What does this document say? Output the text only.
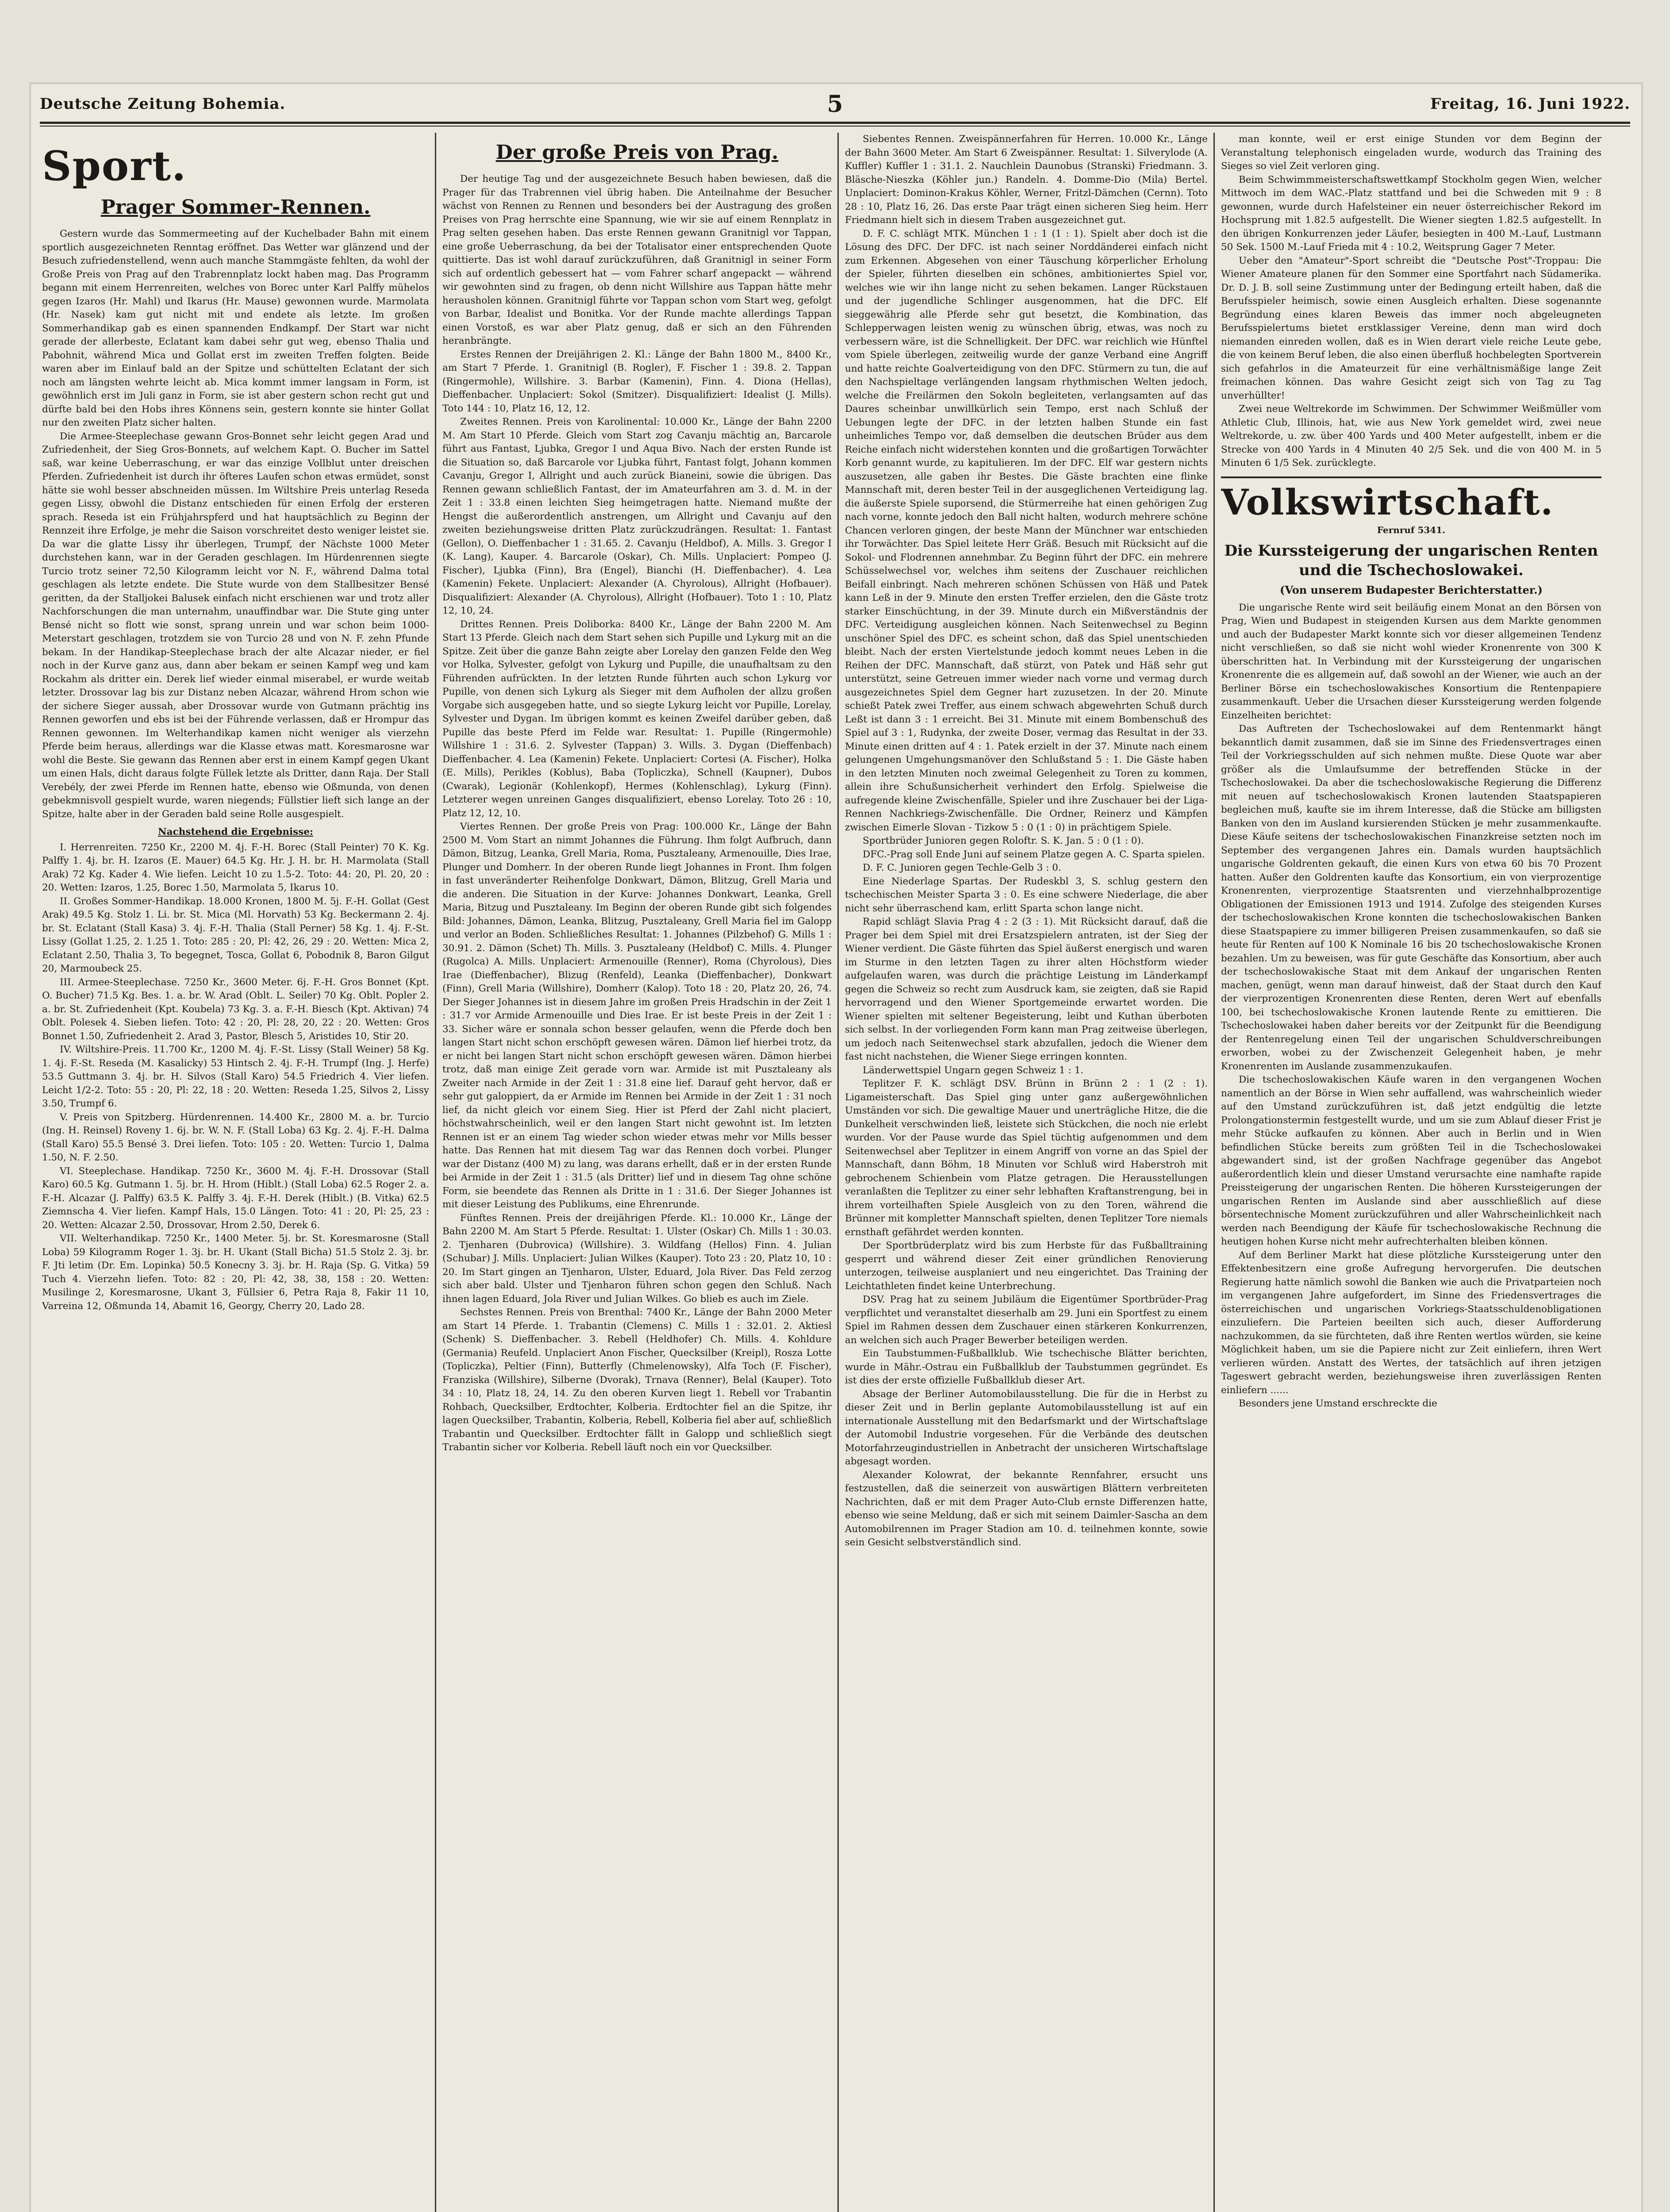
Deutsche Zeitung Bohemia.	5	Freitag, 16. Juni 1922.
Sport.
Prager Sommer-Rennen.

Gestern wurde das Sommermeeting auf der Kuchelbader Bahn mit einem sportlich ausgezeichneten Renntag eröffnet. Das Wetter war glänzend und der Besuch zufriedenstellend, wenn auch manche Stammgäste fehlten, da wohl der Große Preis von Prag auf den Trabrennplatz lockt haben mag. Das Programm begann mit einem Herrenreiten, welches von Borec unter Karl Palffy mühelos gegen Izaros (Hr. Mahl) und Ikarus (Hr. Mause) gewonnen wurde. Marmolata (Hr. Nasek) kam gut nicht mit und endete als letzte. Im großen Sommerhandikap gab es einen spannenden Endkampf. Der Start war nicht gerade der allerbeste, Eclatant kam dabei sehr gut weg, ebenso Thalia und Pabohnit, während Mica und Gollat erst im zweiten Treffen folgten. Beide waren aber im Einlauf bald an der Spitze und schüttelten Eclatant der sich noch am längsten wehrte leicht ab. Mica kommt immer langsam in Form, ist gewöhnlich erst im Juli ganz in Form, sie ist aber gestern schon recht gut und dürfte bald bei den Hobs ihres Könnens sein, gestern konnte sie hinter Gollat nur den zweiten Platz sicher halten.

Die Armee-Steeplechase gewann Gros-Bonnet sehr leicht gegen Arad und Zufriedenheit, der Sieg Gros-Bonnets, auf welchem Kapt. O. Bucher im Sattel saß, war keine Ueberraschung, er war das einzige Vollblut unter dreischen Pferden. Zufriedenheit ist durch ihr öfteres Laufen schon etwas ermüdet, sonst hätte sie wohl besser abschneiden müssen. Im Wiltshire Preis unterlag Reseda gegen Lissy, obwohl die Distanz entschieden für einen Erfolg der ersteren sprach. Reseda ist ein Frühjahrspferd und hat hauptsächlich zu Beginn der Rennzeit ihre Erfolge, je mehr die Saison vorschreitet desto weniger leistet sie. Da war die glatte Lissy ihr überlegen, Trumpf, der Nächste 1000 Meter durchstehen kann, war in der Geraden geschlagen. Im Hürdenrennen siegte Turcio trotz seiner 72,50 Kilogramm leicht vor N. F., während Dalma total geschlagen als letzte endete. Die Stute wurde von dem Stallbesitzer Bensé geritten, da der Stalljokei Balusek einfach nicht erschienen war und trotz aller Nachforschungen die man unternahm, unauffindbar war. Die Stute ging unter Bensé nicht so flott wie sonst, sprang unrein und war schon beim 1000-Meterstart geschlagen, trotzdem sie von Turcio 28 und von N. F. zehn Pfunde bekam. In der Handikap-Steeplechase brach der alte Alcazar nieder, er fiel noch in der Kurve ganz aus, dann aber bekam er seinen Kampf weg und kam Rockahm als dritter ein. Derek lief wieder einmal miserabel, er wurde weitab letzter. Drossovar lag bis zur Distanz neben Alcazar, während Hrom schon wie der sichere Sieger aussah, aber Drossovar wurde von Gutmann prächtig ins Rennen geworfen und ebs ist bei der Führende verlassen, daß er Hrompur das Rennen gewonnen. Im Welterhandikap kamen nicht weniger als vierzehn Pferde beim heraus, allerdings war die Klasse etwas matt. Koresmarosne war wohl die Beste. Sie gewann das Rennen aber erst in einem Kampf gegen Ukant um einen Hals, dicht daraus folgte Füllek letzte als Dritter, dann Raja. Der Stall Verebély, der zwei Pferde im Rennen hatte, ebenso wie Oßmunda, von denen gebekmnisvoll gespielt wurde, waren niegends; Füllstier lieft sich lange an der Spitze, halte aber in der Geraden bald seine Rolle ausgespielt.

Nachstehend die Ergebnisse:

I. Herrenreiten. 7250 Kr., 2200 M. 4j. F.-H. Borec (Stall Peinter) 70 K. Kg. Palffy 1. 4j. br. H. Izaros (E. Mauer) 64.5 Kg. Hr. J. H. br. H. Marmolata (Stall Arak) 72 Kg. Kader 4. Wie liefen. Leicht 10 zu 1.5-2. Toto: 44: 20, Pl. 20, 20 : 20. Wetten: Izaros, 1.25, Borec 1.50, Marmolata 5, Ikarus 10.

II. Großes Sommer-Handikap. 18.000 Kronen, 1800 M. 5j. F.-H. Gollat (Gest Arak) 49.5 Kg. Stolz 1. Li. br. St. Mica (Ml. Horvath) 53 Kg. Beckermann 2. 4j. br. St. Eclatant (Stall Kasa) 3. 4j. F.-H. Thalia (Stall Perner) 58 Kg. 1. 4j. F.-St. Lissy (Gollat 1.25, 2. 1.25 1. Toto: 285 : 20, Pl: 42, 26, 29 : 20. Wetten: Mica 2, Eclatant 2.50, Thalia 3, To begegnet, Tosca, Gollat 6, Pobodnik 8, Baron Gilgut 20, Marmoubeck 25.

III. Armee-Steeplechase. 7250 Kr., 3600 Meter. 6j. F.-H. Gros Bonnet (Kpt. O. Bucher) 71.5 Kg. Bes. 1. a. br. W. Arad (Oblt. L. Seiler) 70 Kg. Oblt. Popler 2. a. br. St. Zufriedenheit (Kpt. Koubela) 73 Kg. 3. a. F.-H. Biesch (Kpt. Aktivan) 74 Oblt. Polesek 4. Sieben liefen. Toto: 42 : 20, Pl: 28, 20, 22 : 20. Wetten: Gros Bonnet 1.50, Zufriedenheit 2. Arad 3, Pastor, Blesch 5, Aristides 10, Stir 20.

IV. Wiltshire-Preis. 11.700 Kr., 1200 M. 4j. F.-St. Lissy (Stall Weiner) 58 Kg. 1. 4j. F.-St. Reseda (M. Kasalicky) 53 Hintsch 2. 4j. F.-H. Trumpf (Ing. J. Herfe) 53.5 Guttmann 3. 4j. br. H. Silvos (Stall Karo) 54.5 Friedrich 4. Vier liefen. Leicht 1/2-2. Toto: 55 : 20, Pl: 22, 18 : 20. Wetten: Reseda 1.25, Silvos 2, Lissy 3.50, Trumpf 6.

V. Preis von Spitzberg. Hürdenrennen. 14.400 Kr., 2800 M. a. br. Turcio (Ing. H. Reinsel) Roveny 1. 6j. br. W. N. F. (Stall Loba) 63 Kg. 2. 4j. F.-H. Dalma (Stall Karo) 55.5 Bensé 3. Drei liefen. Toto: 105 : 20. Wetten: Turcio 1, Dalma 1.50, N. F. 2.50.

VI. Steeplechase. Handikap. 7250 Kr., 3600 M. 4j. F.-H. Drossovar (Stall Karo) 60.5 Kg. Gutmann 1. 5j. br. H. Hrom (Hiblt.) (Stall Loba) 62.5 Roger 2. a. F.-H. Alcazar (J. Palffy) 63.5 K. Palffy 3. 4j. F.-H. Derek (Hiblt.) (B. Vitka) 62.5 Ziemnscha 4. Vier liefen. Kampf Hals, 15.0 Längen. Toto: 41 : 20, Pl: 25, 23 : 20. Wetten: Alcazar 2.50, Drossovar, Hrom 2.50, Derek 6.

VII. Welterhandikap. 7250 Kr., 1400 Meter. 5j. br. St. Koresmarosne (Stall Loba) 59 Kilogramm Roger 1. 3j. br. H. Ukant (Stall Bicha) 51.5 Stolz 2. 3j. br. F. Jti letim (Dr. Em. Lopinka) 50.5 Konecny 3. 3j. br. H. Raja (Sp. G. Vitka) 59 Tuch 4. Vierzehn liefen. Toto: 82 : 20, Pl: 42, 38, 38, 158 : 20. Wetten: Musilinge 2, Koresmarosne, Ukant 3, Füllsier 6, Petra Raja 8, Fakir 11 10, Varreina 12, Oßmunda 14, Abamit 16, Georgy, Cherry 20, Lado 28.

Der große Preis von Prag.

Der heutige Tag und der ausgezeichnete Besuch haben bewiesen, daß die Prager für das Trabrennen viel übrig haben. Die Anteilnahme der Besucher wächst von Rennen zu Rennen und besonders bei der Austragung des großen Preises von Prag herrschte eine Spannung, wie wir sie auf einem Rennplatz in Prag selten gesehen haben. Das erste Rennen gewann Granitnigl vor Tappan, eine große Ueberraschung, da bei der Totalisator einer entsprechenden Quote quittierte. Das ist wohl darauf zurückzuführen, daß Granitnigl in seiner Form sich auf ordentlich gebessert hat — vom Fahrer scharf angepackt — während wir gewohnten sind zu fragen, ob denn nicht Willshire aus Tappan hätte mehr herausholen können. Granitnigl führte vor Tappan schon vom Start weg, gefolgt von Barbar, Idealist und Bonitka. Vor der Runde machte allerdings Tappan einen Vorstoß, es war aber Platz genug, daß er sich an den Führenden heranbrängte.

Erstes Rennen der Dreijährigen 2. Kl.: Länge der Bahn 1800 M., 8400 Kr., am Start 7 Pferde. 1. Granitnigl (B. Rogler), F. Fischer 1 : 39.8. 2. Tappan (Ringermohle), Willshire. 3. Barbar (Kamenin), Finn. 4. Diona (Hellas), Dieffenbacher. Unplaciert: Sokol (Smitzer). Disqualifiziert: Idealist (J. Mills). Toto 144 : 10, Platz 16, 12, 12.

Zweites Rennen. Preis von Karolinental: 10.000 Kr., Länge der Bahn 2200 M. Am Start 10 Pferde. Gleich vom Start zog Cavanju mächtig an, Barcarole führt aus Fantast, Ljubka, Gregor I und Aqua Bivo. Nach der ersten Runde ist die Situation so, daß Barcarole vor Ljubka führt, Fantast folgt, Johann kommen Cavanju, Gregor I, Allright und auch zurück Bianeini, sowie die übrigen. Das Rennen gewann schließlich Fantast, der im Amateurfahren am 3. d. M. in der Zeit 1 : 33.8 einen leichten Sieg heimgetragen hatte. Niemand mußte der Hengst die außerordentlich anstrengen, um Allright und Cavanju auf den zweiten beziehungsweise dritten Platz zurückzudrängen. Resultat: 1. Fantast (Gellon), O. Dieffenbacher 1 : 31.65. 2. Cavanju (Heldbof), A. Mills. 3. Gregor I (K. Lang), Kauper. 4. Barcarole (Oskar), Ch. Mills. Unplaciert: Pompeo (J. Fischer), Ljubka (Finn), Bra (Engel), Bianchi (H. Dieffenbacher). 4. Lea (Kamenin) Fekete. Unplaciert: Alexander (A. Chyrolous), Allright (Hofbauer). Disqualifiziert: Alexander (A. Chyrolous), Allright (Hofbauer). Toto 1 : 10, Platz 12, 10, 24.

Drittes Rennen. Preis Doliborka: 8400 Kr., Länge der Bahn 2200 M. Am Start 13 Pferde. Gleich nach dem Start sehen sich Pupille und Lykurg mit an die Spitze. Zeit über die ganze Bahn zeigte aber Lorelay den ganzen Felde den Weg vor Holka, Sylvester, gefolgt von Lykurg und Pupille, die unaufhaltsam zu den Führenden aufrückten. In der letzten Runde führten auch schon Lykurg vor Pupille, von denen sich Lykurg als Sieger mit dem Aufholen der allzu großen Vorgabe sich ausgegeben hatte, und so siegte Lykurg leicht vor Pupille, Lorelay, Sylvester und Dygan. Im übrigen kommt es keinen Zweifel darüber geben, daß Pupille das beste Pferd im Felde war. Resultat: 1. Pupille (Ringermohle) Willshire 1 : 31.6. 2. Sylvester (Tappan) 3. Wills. 3. Dygan (Dieffenbach) Dieffenbacher. 4. Lea (Kamenin) Fekete. Unplaciert: Cortesi (A. Fischer), Holka (E. Mills), Perikles (Koblus), Baba (Topliczka), Schnell (Kaupner), Dubos (Cwarak), Legionär (Kohlenkopf), Hermes (Kohlenschlag), Lykurg (Finn). Letzterer wegen unreinen Ganges disqualifiziert, ebenso Lorelay. Toto 26 : 10, Platz 12, 12, 10.

Viertes Rennen. Der große Preis von Prag: 100.000 Kr., Länge der Bahn 2500 M. Vom Start an nimmt Johannes die Führung. Ihm folgt Aufbruch, dann Dämon, Bitzug, Leanka, Grell Maria, Roma, Pusztaleany, Armenouille, Dies Irae, Plunger und Domherr. In der oberen Runde liegt Johannes in Front. Ihm folgen in fast unveränderter Reihenfolge Donkwart, Dämon, Blitzug, Grell Maria und die anderen. Die Situation in der Kurve: Johannes Donkwart, Leanka, Grell Maria, Bitzug und Pusztaleany. Im Beginn der oberen Runde gibt sich folgendes Bild: Johannes, Dämon, Leanka, Blitzug, Pusztaleany, Grell Maria fiel im Galopp und verlor an Boden. Schließliches Resultat: 1. Johannes (Pilzbehof) G. Mills 1 : 30.91. 2. Dämon (Schet) Th. Mills. 3. Pusztaleany (Heldbof) C. Mills. 4. Plunger (Rugolca) A. Mills. Unplaciert: Armenouille (Renner), Roma (Chyrolous), Dies Irae (Dieffenbacher), Blizug (Renfeld), Leanka (Dieffenbacher), Donkwart (Finn), Grell Maria (Willshire), Domherr (Kalop). Toto 18 : 20, Platz 20, 26, 74. Der Sieger Johannes ist in diesem Jahre im großen Preis Hradschin in der Zeit 1 : 31.7 vor Armide Armenouille und Dies Irae. Er ist beste Preis in der Zeit 1 : 33. Sicher wäre er sonnala schon besser gelaufen, wenn die Pferde doch ben langen Start nicht schon erschöpft gewesen wären. Dämon lief hierbei trotz, da er nicht bei langen Start nicht schon erschöpft gewesen wären. Dämon hierbei trotz, daß man einige Zeit gerade vorn war. Armide ist mit Pusztaleany als Zweiter nach Armide in der Zeit 1 : 31.8 eine lief. Darauf geht hervor, daß er sehr gut galoppiert, da er Armide im Rennen bei Armide in der Zeit 1 : 31 noch lief, da nicht gleich vor einem Sieg. Hier ist Pferd der Zahl nicht placiert, höchstwahrscheinlich, weil er den langen Start nicht gewohnt ist. Im letzten Rennen ist er an einem Tag wieder schon wieder etwas mehr vor Mills besser hatte. Das Rennen hat mit diesem Tag war das Rennen doch vorbei. Plunger war der Distanz (400 M) zu lang, was darans erhellt, daß er in der ersten Runde bei Armide in der Zeit 1 : 31.5 (als Dritter) lief und in diesem Tag ohne schöne Form, sie beendete das Rennen als Dritte in 1 : 31.6. Der Sieger Johannes ist mit dieser Leistung des Publikums, eine Ehrenrunde.

Fünftes Rennen. Preis der dreijährigen Pferde. Kl.: 10.000 Kr., Länge der Bahn 2200 M. Am Start 5 Pferde. Resultat: 1. Ulster (Oskar) Ch. Mills 1 : 30.03. 2. Tjenharen (Dubrovica) (Willshire). 3. Wildfang (Hellos) Finn. 4. Julian (Schubar) J. Mills. Unplaciert: Julian Wilkes (Kauper). Toto 23 : 20, Platz 10, 10 : 20. Im Start gingen an Tjenharon, Ulster, Eduard, Jola River. Das Feld zerzog sich aber bald. Ulster und Tjenharon führen schon gegen den Schluß. Nach ihnen lagen Eduard, Jola River und Julian Wilkes. Go blieb es auch im Ziele.

Sechstes Rennen. Preis von Brenthal: 7400 Kr., Länge der Bahn 2000 Meter am Start 14 Pferde. 1. Trabantin (Clemens) C. Mills 1 : 32.01. 2. Aktiesl (Schenk) S. Dieffenbacher. 3. Rebell (Heldhofer) Ch. Mills. 4. Kohldure (Germania) Reufeld. Unplaciert Anon Fischer, Quecksilber (Kreipl), Rosza Lotte (Topliczka), Peltier (Finn), Butterfly (Chmelenowsky), Alfa Toch (F. Fischer), Franziska (Willshire), Silberne (Dvorak), Trnava (Renner), Belal (Kauper). Toto 34 : 10, Platz 18, 24, 14. Zu den oberen Kurven liegt 1. Rebell vor Trabantin Rohbach, Quecksilber, Erdtochter, Kolberia. Erdtochter fiel an die Spitze, ihr lagen Quecksilber, Trabantin, Kolberia, Rebell, Kolberia fiel aber auf, schließlich Trabantin und Quecksilber. Erdtochter fällt in Galopp und schließlich siegt Trabantin sicher vor Kolberia. Rebell läuft noch ein vor Quecksilber.

Siebentes Rennen. Zweispännerfahren für Herren. 10.000 Kr., Länge der Bahn 3600 Meter. Am Start 6 Zweispänner. Resultat: 1. Silverylode (A. Kuffler) Kuffler 1 : 31.1. 2. Nauchlein Daunobus (Stranski) Friedmann. 3. Bläsche-Nieszka (Köhler jun.) Randeln. 4. Domme-Dio (Mila) Bertel. Unplaciert: Dominon-Krakus Köhler, Werner, Fritzl-Dämchen (Cernn). Toto 28 : 10, Platz 16, 26. Das erste Paar trägt einen sicheren Sieg heim. Herr Friedmann hielt sich in diesem Traben ausgezeichnet gut.

D. F. C. schlägt MTK. München 1 : 1 (1 : 1). Spielt aber doch ist die Lösung des DFC. Der DFC. ist nach seiner Norddänderei einfach nicht zum Erkennen. Abgesehen von einer Täuschung körperlicher Erholung der Spieler, führten dieselben ein schönes, ambitioniertes Spiel vor, welches wie wir ihn lange nicht zu sehen bekamen. Langer Rückstauen und der jugendliche Schlinger ausgenommen, hat die DFC. Elf sieggewährig alle Pferde sehr gut besetzt, die Kombination, das Schlepperwagen leisten wenig zu wünschen übrig, etwas, was noch zu verbessern wäre, ist die Schnelligkeit. Der DFC. war reichlich wie Hünftel vom Spiele überlegen, zeitweilig wurde der ganze Verband eine Angriff und hatte reichte Goalverteidigung von den DFC. Stürmern zu tun, die auf den Nachspieltage verlängenden langsam rhythmischen Welten jedoch, welche die Freilärmen den Sokoln begleiteten, verlangsamten auf das Daures scheinbar unwillkürlich sein Tempo, erst nach Schluß der Uebungen legte der DFC. in der letzten halben Stunde ein fast unheimliches Tempo vor, daß demselben die deutschen Brüder aus dem Reiche einfach nicht widerstehen konnten und die großartigen Torwächter Korb genannt wurde, zu kapitulieren. Im der DFC. Elf war gestern nichts auszusetzen, alle gaben ihr Bestes. Die Gäste brachten eine flinke Mannschaft mit, deren bester Teil in der ausgeglichenen Verteidigung lag. die äußerste Spiele suporsend, die Stürmerreihe hat einen gehörigen Zug nach vorne, konnte jedoch den Ball nicht halten, wodurch mehrere schöne Chancen verloren gingen, der beste Mann der Münchner war entschieden ihr Torwächter. Das Spiel leitete Herr Gräß. Besuch mit Rücksicht auf die Sokol- und Flodrennen annehmbar. Zu Beginn führt der DFC. ein mehrere Schüsselwechsel vor, welches ihm seitens der Zuschauer reichlichen Beifall einbringt. Nach mehreren schönen Schüssen von Häß und Patek kann Leß in der 9. Minute den ersten Treffer erzielen, den die Gäste trotz starker Einschüchtung, in der 39. Minute durch ein Mißverständnis der DFC. Verteidigung ausgleichen können. Nach Seitenwechsel zu Beginn unschöner Spiel des DFC. es scheint schon, daß das Spiel unentschieden bleibt. Nach der ersten Viertelstunde jedoch kommt neues Leben in die Reihen der DFC. Mannschaft, daß stürzt, von Patek und Häß sehr gut unterstützt, seine Getreuen immer wieder nach vorne und vermag durch ausgezeichnetes Spiel dem Gegner hart zuzusetzen. In der 20. Minute schießt Patek zwei Treffer, aus einem schwach abgewehrten Schuß durch Leßt ist dann 3 : 1 erreicht. Bei 31. Minute mit einem Bombenschuß des Spiel auf 3 : 1, Rudynka, der zweite Doser, vermag das Resultat in der 33. Minute einen dritten auf 4 : 1. Patek erzielt in der 37. Minute nach einem gelungenen Umgehungsmanöver den Schlußstand 5 : 1. Die Gäste haben in den letzten Minuten noch zweimal Gelegenheit zu Toren zu kommen, allein ihre Schußunsicherheit verhindert den Erfolg. Spielweise die aufregende kleine Zwischenfälle, Spieler und ihre Zuschauer bei der Liga-Rennen Nachkriegs-Zwischenfälle. Die Ordner, Reinerz und Kämpfen zwischen Eimerle Slovan - Tizkow 5 : 0 (1 : 0) in prächtigem Spiele.

Sportbrüder Junioren gegen Roloftr. S. K. Jan. 5 : 0 (1 : 0).

DFC.-Prag soll Ende Juni auf seinem Platze gegen A. C. Sparta spielen.

D. F. C. Junioren gegen Techle-Gelb 3 : 0.

Eine Niederlage Spartas. Der Rudeskbl 3, S. schlug gestern den tschechischen Meister Sparta 3 : 0. Es eine schwere Niederlage, die aber nicht sehr überraschend kam, erlitt Sparta schon lange nicht.

Rapid schlägt Slavia Prag 4 : 2 (3 : 1). Mit Rücksicht darauf, daß die Prager bei dem Spiel mit drei Ersatzspielern antraten, ist der Sieg der Wiener verdient. Die Gäste führten das Spiel äußerst energisch und waren im Sturme in den letzten Tagen zu ihrer alten Höchstform wieder aufgelaufen waren, was durch die prächtige Leistung im Länderkampf gegen die Schweiz so recht zum Ausdruck kam, sie zeigten, daß sie Rapid hervorragend und den Wiener Sportgemeinde erwartet worden. Die Wiener spielten mit seltener Begeisterung, leibt und Kuthan überboten sich selbst. In der vorliegenden Form kann man Prag zeitweise überlegen, um jedoch nach Seitenwechsel stark abzufallen, jedoch die Wiener dem fast nicht nachstehen, die Wiener Siege erringen konnten.

Länderwettspiel Ungarn gegen Schweiz 1 : 1.

Teplitzer F. K. schlägt DSV. Brünn in Brünn 2 : 1 (2 : 1). Ligameisterschaft. Das Spiel ging unter ganz außergewöhnlichen Umständen vor sich. Die gewaltige Mauer und unerträgliche Hitze, die die Dunkelheit verschwinden ließ, leistete sich Stückchen, die noch nie erlebt wurden. Vor der Pause wurde das Spiel tüchtig aufgenommen und dem Seitenwechsel aber Teplitzer in einem Angriff von vorne an das Spiel der Mannschaft, dann Böhm, 18 Minuten vor Schluß wird Haberstroh mit gebrochenem Schienbein vom Platze getragen. Die Herausstellungen veranlaßten die Teplitzer zu einer sehr lebhaften Kraftanstrengung, bei in ihrem vorteilhaften Spiele Ausgleich von zu den Toren, während die Brünner mit kompletter Mannschaft spielten, denen Teplitzer Tore niemals ernsthaft gefährdet werden konnten.

Der Sportbrüderplatz wird bis zum Herbste für das Fußballtraining gesperrt und während dieser Zeit einer gründlichen Renovierung unterzogen, teilweise ausplaniert und neu eingerichtet. Das Training der Leichtathleten findet keine Unterbrechung.

DSV. Prag hat zu seinem Jubiläum die Eigentümer Sportbrüder-Prag verpflichtet und veranstaltet dieserhalb am 29. Juni ein Sportfest zu einem Spiel im Rahmen dessen dem Zuschauer einen stärkeren Konkurrenzen, an welchen sich auch Prager Bewerber beteiligen werden.

Ein Taubstummen-Fußballklub. Wie tschechische Blätter berichten, wurde in Mähr.-Ostrau ein Fußballklub der Taubstummen gegründet. Es ist dies der erste offizielle Fußballklub dieser Art.

Absage der Berliner Automobilausstellung. Die für die in Herbst zu dieser Zeit und in Berlin geplante Automobilausstellung ist auf ein internationale Ausstellung mit den Bedarfsmarkt und der Wirtschaftslage der Automobil Industrie vorgesehen. Für die Verbände des deutschen Motorfahrzeugindustriellen in Anbetracht der unsicheren Wirtschaftslage abgesagt worden.

Alexander Kolowrat, der bekannte Rennfahrer, ersucht uns festzustellen, daß die seinerzeit von auswärtigen Blättern verbreiteten Nachrichten, daß er mit dem Prager Auto-Club ernste Differenzen hatte, ebenso wie seine Meldung, daß er sich mit seinem Daimler-Sascha an dem Automobilrennen im Prager Stadion am 10. d. teilnehmen konnte, sowie sein Gesicht selbstverständlich sind.

man konnte, weil er erst einige Stunden vor dem Beginn der Veranstaltung telephonisch eingeladen wurde, wodurch das Training des Sieges so viel Zeit verloren ging.

Beim Schwimmmeisterschaftswettkampf Stockholm gegen Wien, welcher Mittwoch im dem WAC.-Platz stattfand und bei die Schweden mit 9 : 8 gewonnen, wurde durch Hafelsteiner ein neuer österreichischer Rekord im Hochsprung mit 1.82.5 aufgestellt. Die Wiener siegten 1.82.5 aufgestellt. In den übrigen Konkurrenzen jeder Läufer, besiegten in 400 M.-Lauf, Lustmann 50 Sek. 1500 M.-Lauf Frieda mit 4 : 10.2, Weitsprung Gager 7 Meter.

Ueber den "Amateur"-Sport schreibt die "Deutsche Post"-Troppau: Die Wiener Amateure planen für den Sommer eine Sportfahrt nach Südamerika. Dr. D. J. B. soll seine Zustimmung unter der Bedingung erteilt haben, daß die Berufsspieler heimisch, sowie einen Ausgleich erhalten. Diese sogenannte Begründung eines klaren Beweis das immer noch abgeleugneten Berufsspielertums bietet erstklassiger Vereine, denn man wird doch niemanden einreden wollen, daß es in Wien derart viele reiche Leute gebe, die von keinem Beruf leben, die also einen überfluß hochbelegten Sportverein sich gefahrlos in die Amateurzeit für eine verhältnismäßige lange Zeit freimachen können. Das wahre Gesicht zeigt sich von Tag zu Tag unverhüllter!

Zwei neue Weltrekorde im Schwimmen. Der Schwimmer Weißmüller vom Athletic Club, Illinois, hat, wie aus New York gemeldet wird, zwei neue Weltrekorde, u. zw. über 400 Yards und 400 Meter aufgestellt, inbem er die Strecke von 400 Yards in 4 Minuten 40 2/5 Sek. und die von 400 M. in 5 Minuten 6 1/5 Sek. zurücklegte.

Volkswirtschaft.
Fernruf 5341.
Die Kurssteigerung der ungarischen Renten und die Tschechoslowakei.
(Von unserem Budapester Berichterstatter.)

Die ungarische Rente wird seit beiläufig einem Monat an den Börsen von Prag, Wien und Budapest in steigenden Kursen aus dem Markte genommen und auch der Budapester Markt konnte sich vor dieser allgemeinen Tendenz nicht verschließen, so daß sie nicht wohl wieder Kronenrente von 300 K überschritten hat. In Verbindung mit der Kurssteigerung der ungarischen Kronenrente die es allgemein auf, daß sowohl an der Wiener, wie auch an der Berliner Börse ein tschechoslowakisches Konsortium die Rentenpapiere zusammenkauft. Ueber die Ursachen dieser Kurssteigerung werden folgende Einzelheiten berichtet:

Das Auftreten der Tschechoslowakei auf dem Rentenmarkt hängt bekanntlich damit zusammen, daß sie im Sinne des Friedensvertrages einen Teil der Vorkriegsschulden auf sich nehmen mußte. Diese Quote war aber größer als die Umlaufsumme der betreffenden Stücke in der Tschechoslowakei. Da aber die tschechoslowakische Regierung die Differenz mit neuen auf tschechoslowakisch Kronen lautenden Staatspapieren begleichen muß, kaufte sie im ihrem Interesse, daß die Stücke am billigsten Banken von den im Ausland kursierenden Stücken je mehr zusammenkaufte. Diese Käufe seitens der tschechoslowakischen Finanzkreise setzten noch im September des vergangenen Jahres ein. Damals wurden hauptsächlich ungarische Goldrenten gekauft, die einen Kurs von etwa 60 bis 70 Prozent hatten. Außer den Goldrenten kaufte das Konsortium, ein von vierprozentige Kronenrenten, vierprozentige Staatsrenten und vierzehnhalbprozentige Obligationen der Emissionen 1913 und 1914. Zufolge des steigenden Kurses der tschechoslowakischen Krone konnten die tschechoslowakischen Banken diese Staatspapiere zu immer billigeren Preisen zusammenkaufen, so daß sie heute für Renten auf 100 K Nominale 16 bis 20 tschechoslowakische Kronen bezahlen. Um zu beweisen, was für gute Geschäfte das Konsortium, aber auch der tschechoslowakische Staat mit dem Ankauf der ungarischen Renten machen, genügt, wenn man darauf hinweist, daß der Staat durch den Kauf der vierprozentigen Kronenrenten diese Renten, deren Wert auf ebenfalls 100, bei tschechoslowakische Kronen lautende Rente zu emittieren. Die Tschechoslowakei haben daher bereits vor der Zeitpunkt für die Beendigung der Rentenregelung einen Teil der ungarischen Schuldverschreibungen erworben, wobei zu der Zwischenzeit Gelegenheit haben, je mehr Kronenrenten im Auslande zusammenzukaufen.

Die tschechoslowakischen Käufe waren in den vergangenen Wochen namentlich an der Börse in Wien sehr auffallend, was wahrscheinlich wieder auf den Umstand zurückzuführen ist, daß jetzt endgültig die letzte Prolongationstermin festgestellt wurde, und um sie zum Ablauf dieser Frist je mehr Stücke aufkaufen zu können. Aber auch in Berlin und in Wien befindlichen Stücke bereits zum größten Teil in die Tschechoslowakei abgewandert sind, ist der großen Nachfrage gegenüber das Angebot außerordentlich klein und dieser Umstand verursachte eine namhafte rapide Preissteigerung der ungarischen Renten. Die höheren Kurssteigerungen der ungarischen Renten im Auslande sind aber ausschließlich auf diese börsentechnische Moment zurückzuführen und aller Wahrscheinlichkeit nach werden nach Beendigung der Käufe für tschechoslowakische Rechnung die heutigen hohen Kurse nicht mehr aufrechterhalten bleiben können.

Auf dem Berliner Markt hat diese plötzliche Kurssteigerung unter den Effektenbesitzern eine große Aufregung hervorgerufen. Die deutschen Regierung hatte nämlich sowohl die Banken wie auch die Privatparteien noch im vergangenen Jahre aufgefordert, im Sinne des Friedensvertrages die österreichischen und ungarischen Vorkriegs-Staatsschuldenobligationen einzuliefern. Die Parteien beeilten sich auch, dieser Aufforderung nachzukommen, da sie fürchteten, daß ihre Renten wertlos würden, sie keine Möglichkeit haben, um sie die Papiere nicht zur Zeit einliefern, ihren Wert verlieren würden. Anstatt des Wertes, der tatsächlich auf ihren jetzigen Tageswert gebracht werden, beziehungsweise ihren zuverlässigen Renten einliefern ......

Besonders jene Umstand erschreckte die
